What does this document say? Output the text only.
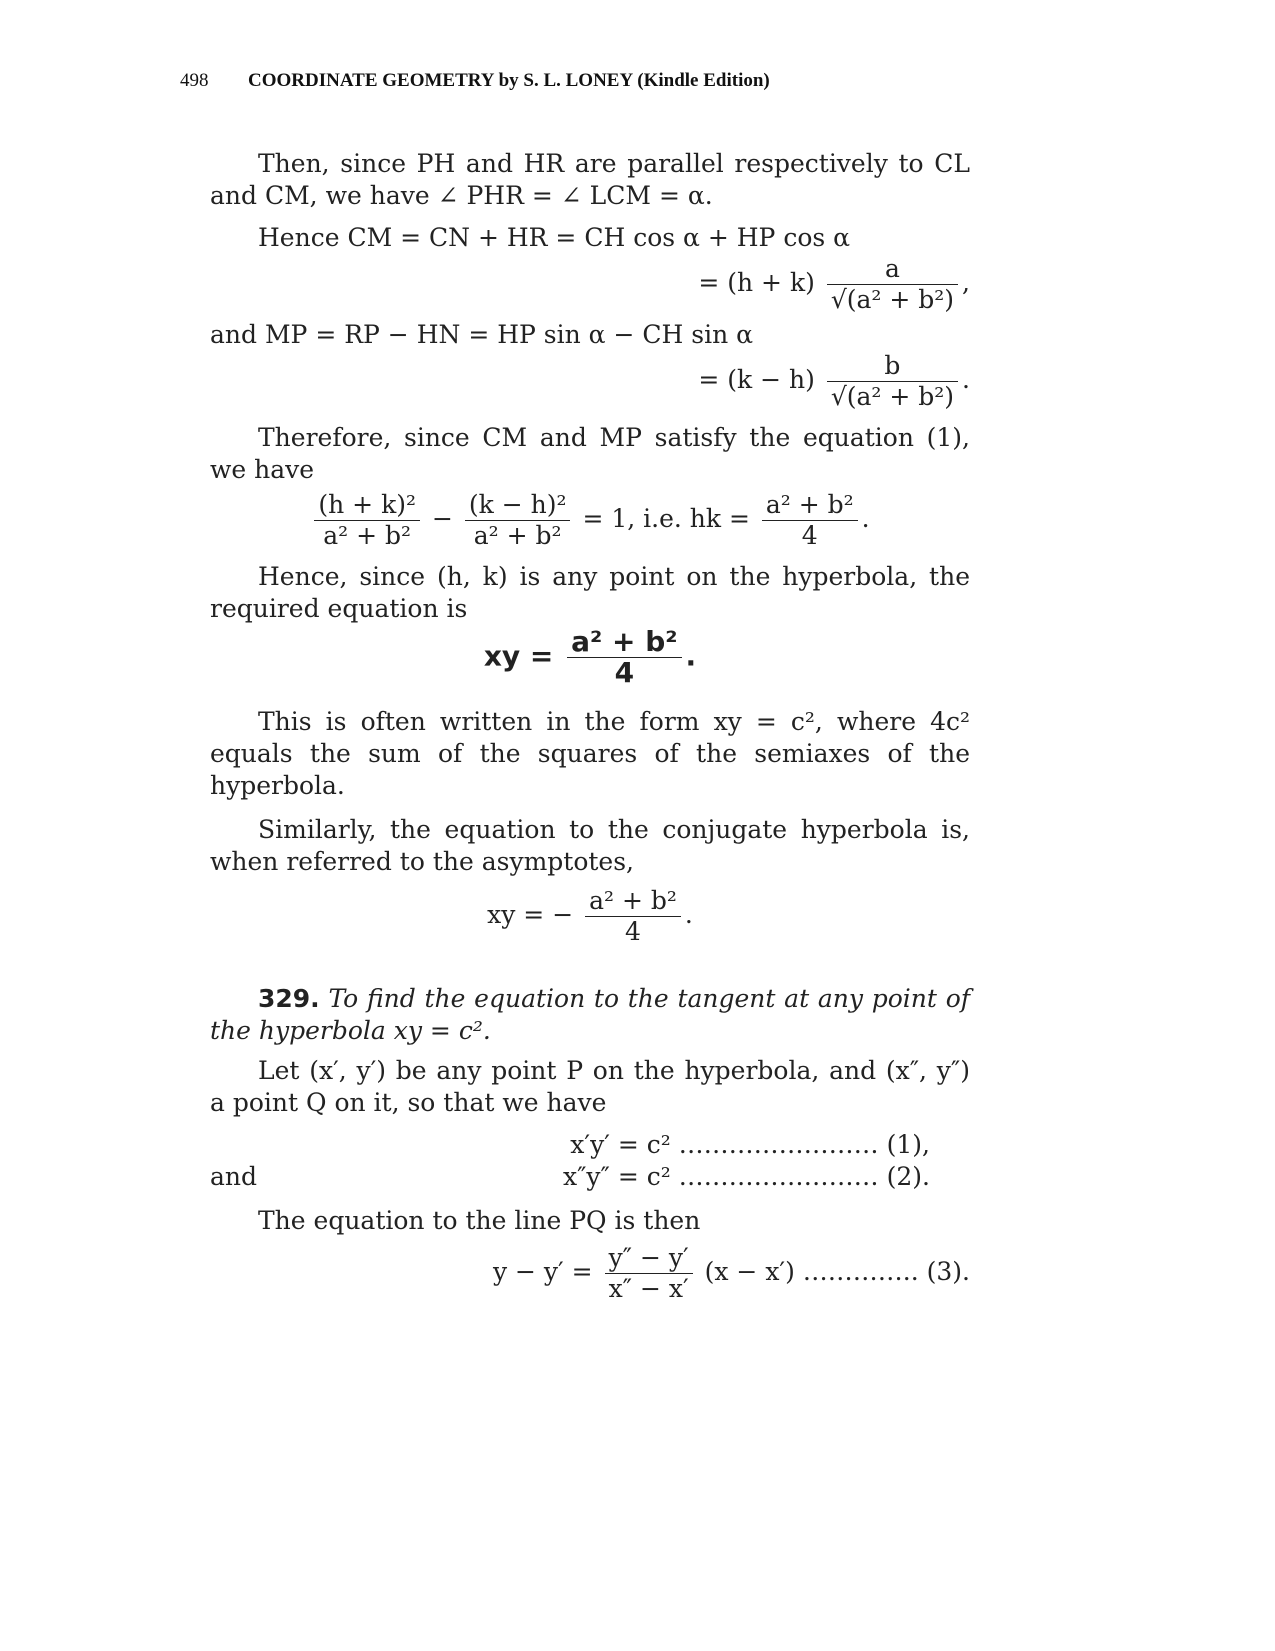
498 COORDINATE GEOMETRY by S. L. LONEY (Kindle Edition)

Then, since PH and HR are parallel respectively to CL and CM, we have ∠ PHR = ∠ LCM = α.

Hence CM = CN + HR = CH cos α + HP cos α

= $(h + k) \frac{a}{\text{√(a² + b²)}}$ ,

and MP = RP − HN = HP sin α − CH sin α

= $(k - h) \frac{b}{\text{√(a² + b²)}}$ .

Therefore, since CM and MP satisfy the equation (1), we have

$\frac{\text{(h + k)²}}{\text{a² + b²}} - \frac{\text{(k − h)²}}{\text{a² + b²}} = 1$, i.e. hk = $\frac{\text{a² + b²}}{4}$ .

Hence, since (h, k) is any point on the hyperbola, the required equation is

xy = $\frac{\text{a² + b²}}{4}$ .

This is often written in the form xy = c², where 4c² equals the sum of the squares of the semiaxes of the hyperbola.

Similarly, the equation to the conjugate hyperbola is, when referred to the asymptotes,

xy = − $\frac{\text{a² + b²}}{4}$ .

329. To find the equation to the tangent at any point of the hyperbola xy = c².

Let (x′, y′) be any point P on the hyperbola, and (x″, y″) a point Q on it, so that we have

x′y′ = c² …………………… (1),
and	x″y″ = c² …………………… (2).

The equation to the line PQ is then

$y - y' = \frac{y'' - y'}{x'' - x'} (x - x')$ ………….. (3).
